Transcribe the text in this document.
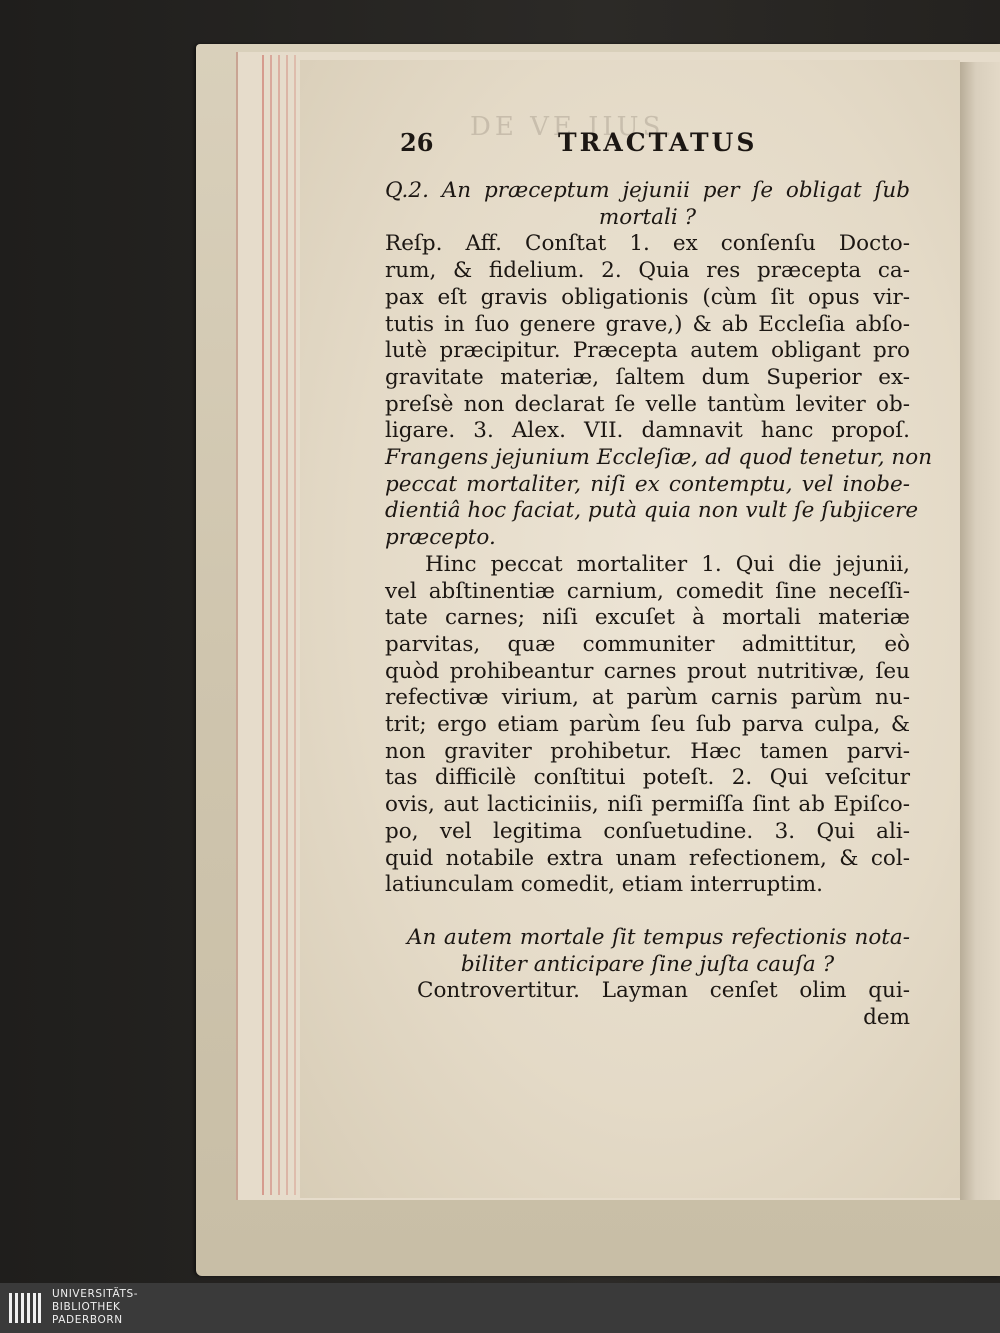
DE VE IIUS.
26	TRACTATUS
Q.2. An præceptum jejunii per ſe obligat ſub
mortali ?
Reſp. Aff. Conſtat 1. ex conſenſu Docto-
rum, & fidelium. 2. Quia res præcepta ca-
pax eſt gravis obligationis (cùm ſit opus vir-
tutis in ſuo genere grave,) & ab Eccleſia abſo-
lutè præcipitur. Præcepta autem obligant pro
gravitate materiæ, ſaltem dum Superior ex-
preſsè non declarat ſe velle tantùm leviter ob-
ligare. 3. Alex. VII. damnavit hanc propoſ.
Frangens jejunium Eccleſiæ, ad quod tenetur, non
peccat mortaliter, niſi ex contemptu, vel inobe-
dientiâ hoc faciat, putà quia non vult ſe ſubjicere
præcepto.
Hinc peccat mortaliter 1. Qui die jejunii,
vel abſtinentiæ carnium, comedit ſine neceſſi-
tate carnes; niſi excuſet à mortali materiæ
parvitas, quæ communiter admittitur, eò
quòd prohibeantur carnes prout nutritivæ, ſeu
refectivæ virium, at parùm carnis parùm nu-
trit; ergo etiam parùm ſeu ſub parva culpa, &
non graviter prohibetur. Hæc tamen parvi-
tas difficilè conſtitui poteſt. 2. Qui veſcitur
ovis, aut lacticiniis, niſi permiſſa ſint ab Epiſco-
po, vel legitima conſuetudine. 3. Qui ali-
quid notabile extra unam refectionem, & col-
latiunculam comedit, etiam interruptim.
An autem mortale ſit tempus refectionis nota-
biliter anticipare ſine juſta cauſa ?
Controvertitur. Layman cenſet olim qui-
dem
UNIVERSITÄTS-
BIBLIOTHEK
PADERBORN
